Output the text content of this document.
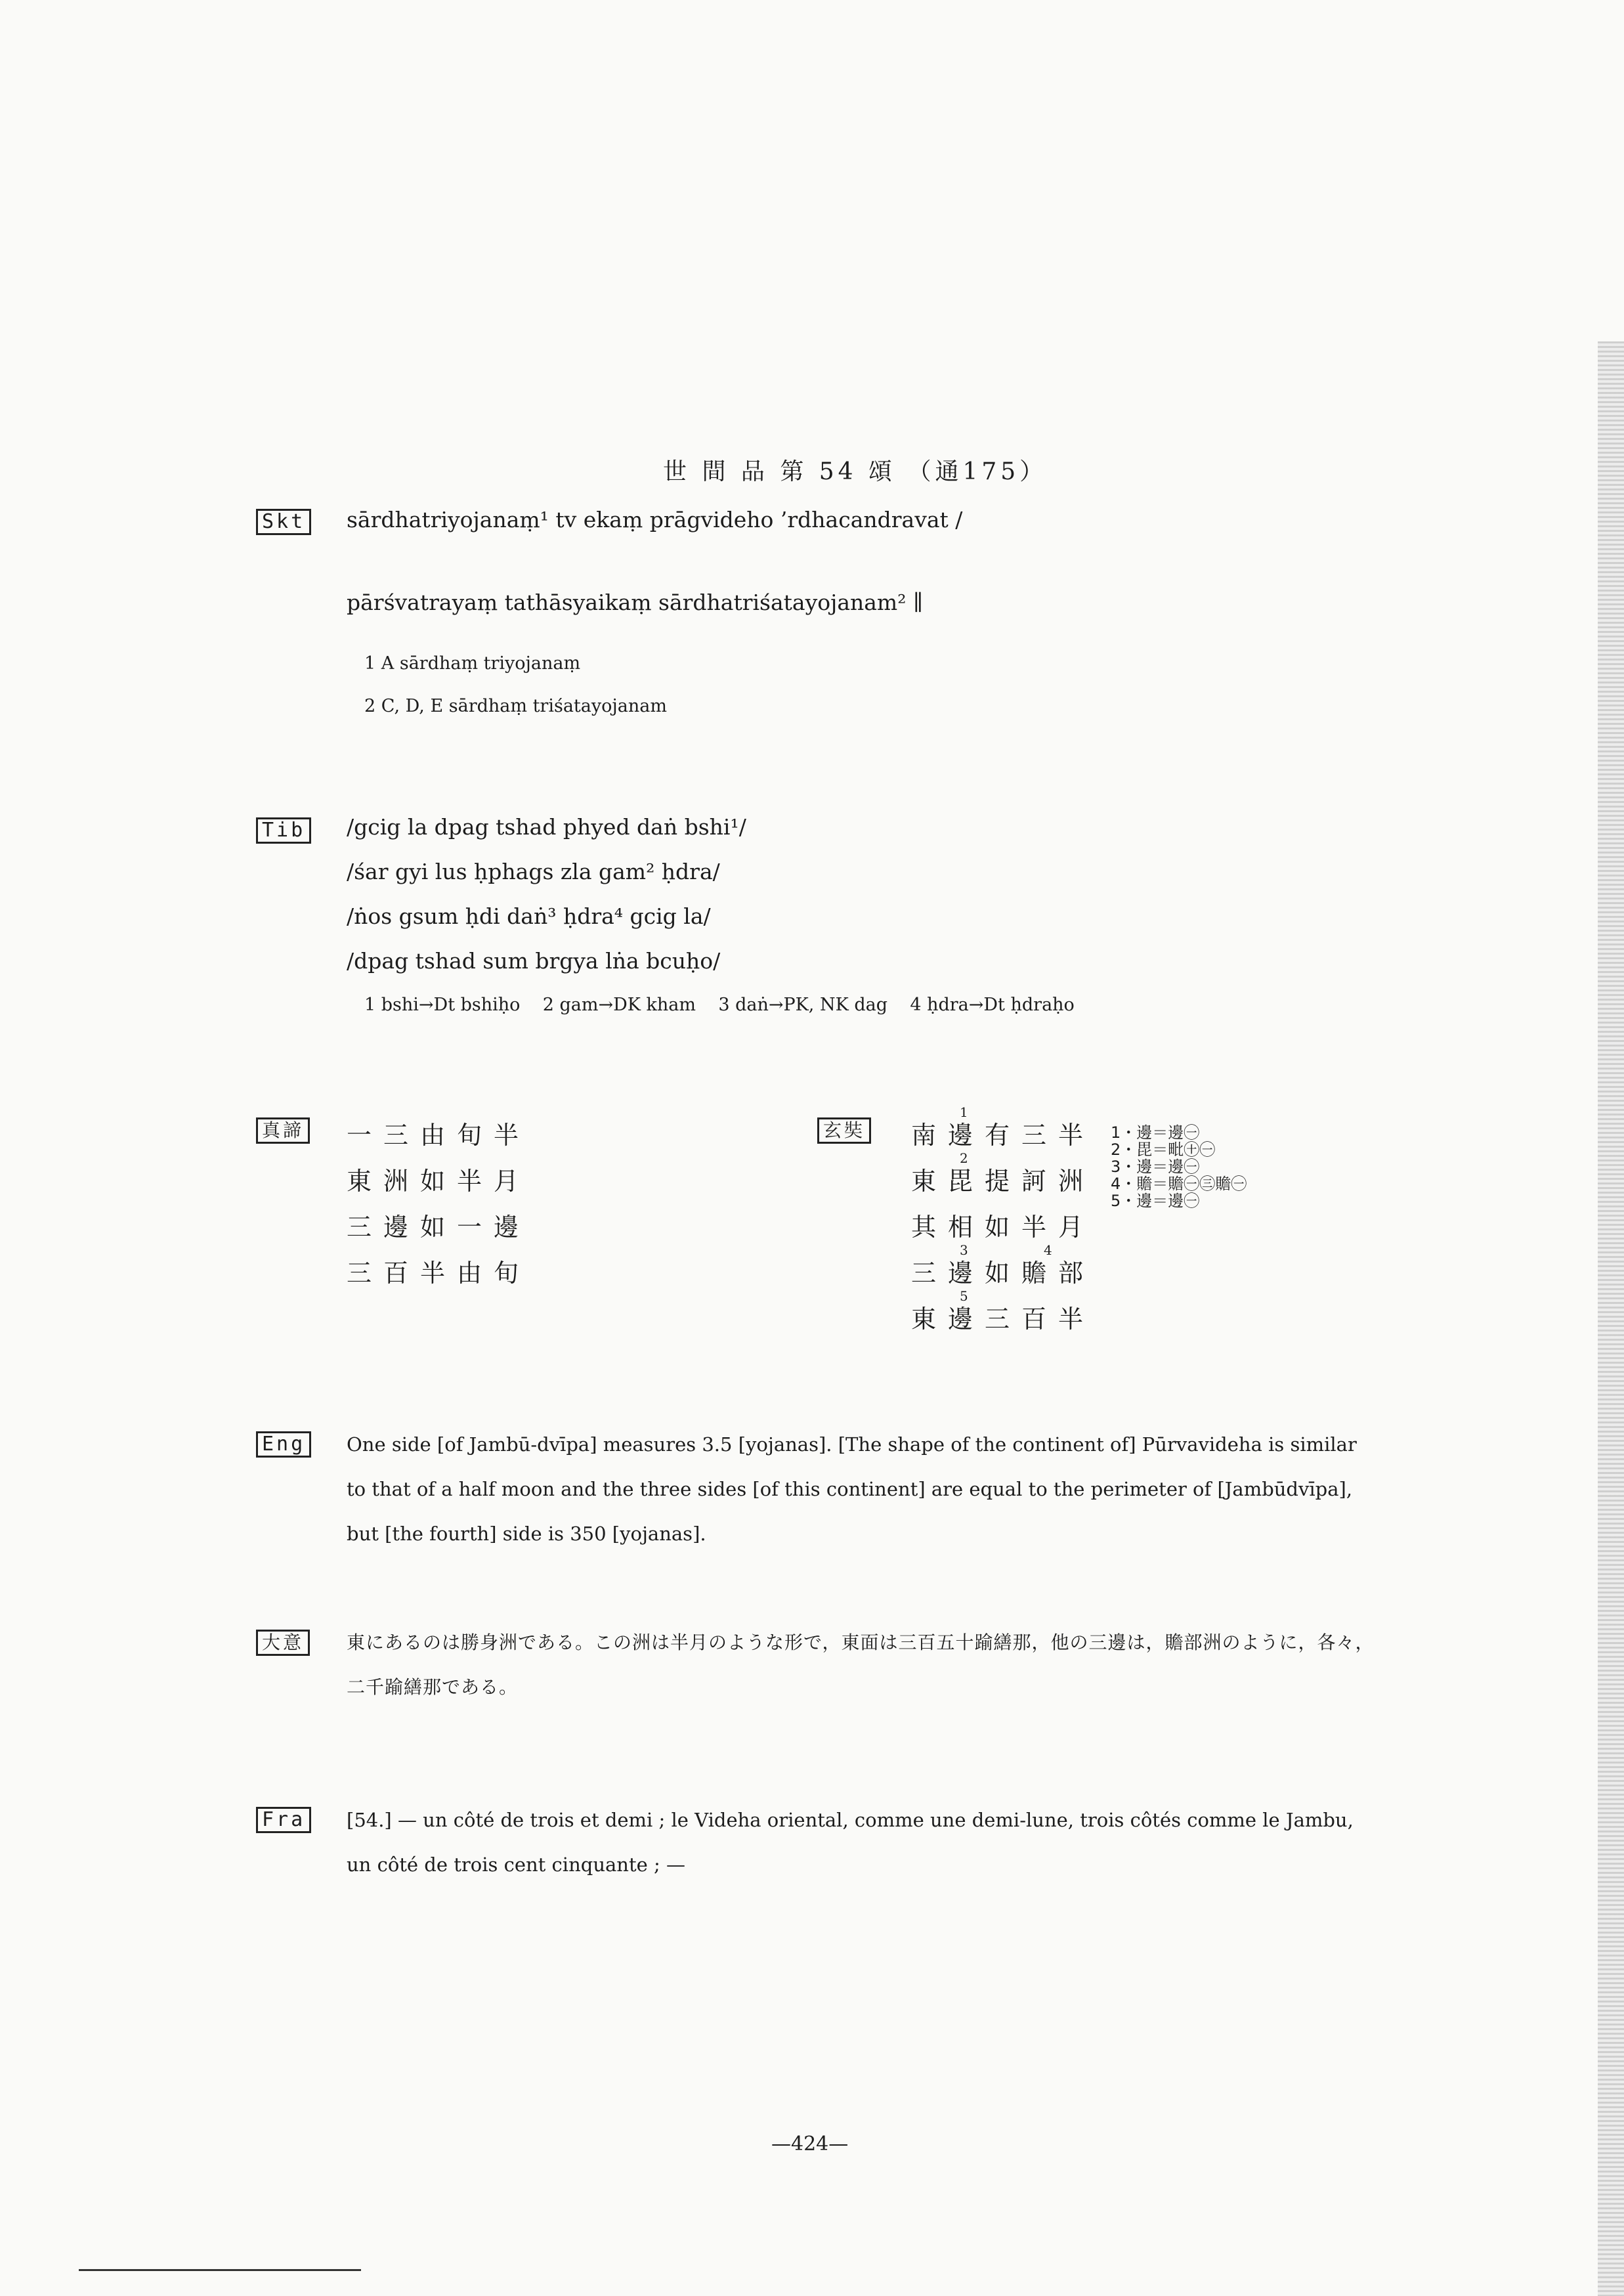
世 間 品 第 54 頌 （通175）
Skt sārdhatriyojanaṃ¹ tv ekaṃ prāgvideho ’rdhacandravat /
pārśvatrayaṃ tathāsyaikaṃ sārdhatriśatayojanam² ∥
1 A sārdhaṃ triyojanaṃ
2 C, D, E sārdhaṃ triśatayojanam
Tib /gcig la dpag tshad phyed daṅ bshi¹/
/śar gyi lus ḥphags zla gam² ḥdra/
/ṅos gsum ḥdi daṅ³ ḥdra⁴ gcig la/
/dpag tshad sum brgya lṅa bcuḥo/
1 bshi→Dt bshiḥo    2 gam→DK kham    3 daṅ→PK, NK dag    4 ḥdra→Dt ḥdraḥo
真諦 一三由旬半
東洲如半月
三邊如一邊
三百半由旬
玄奘 南邊有三半
東毘提訶洲
其相如半月
三邊如贍部
東邊三百半
1
2
3	4
5
1・邊＝邊㊀
2・毘＝毗㊉㊀
3・邊＝邊㊀
4・贍＝贍㊀㊂贍㊀
5・邊＝邊㊀
Eng	One side [of Jambū-dvīpa] measures 3.5 [yojanas]. [The shape of the continent of] Pūrvavideha is similar to that of a half moon and the three sides [of this continent] are equal to the perimeter of [Jambūdvīpa], but [the fourth] side is 350 [yojanas].
大意	東にあるのは勝身洲である。この洲は半月のような形で，東面は三百五十踰繕那，他の三邊は，贍部洲のように，各々，二千踰繕那である。
Fra	[54.] — un côté de trois et demi ; le Videha oriental, comme une demi-lune, trois côtés comme le Jambu, un côté de trois cent cinquante ; —
—424—
